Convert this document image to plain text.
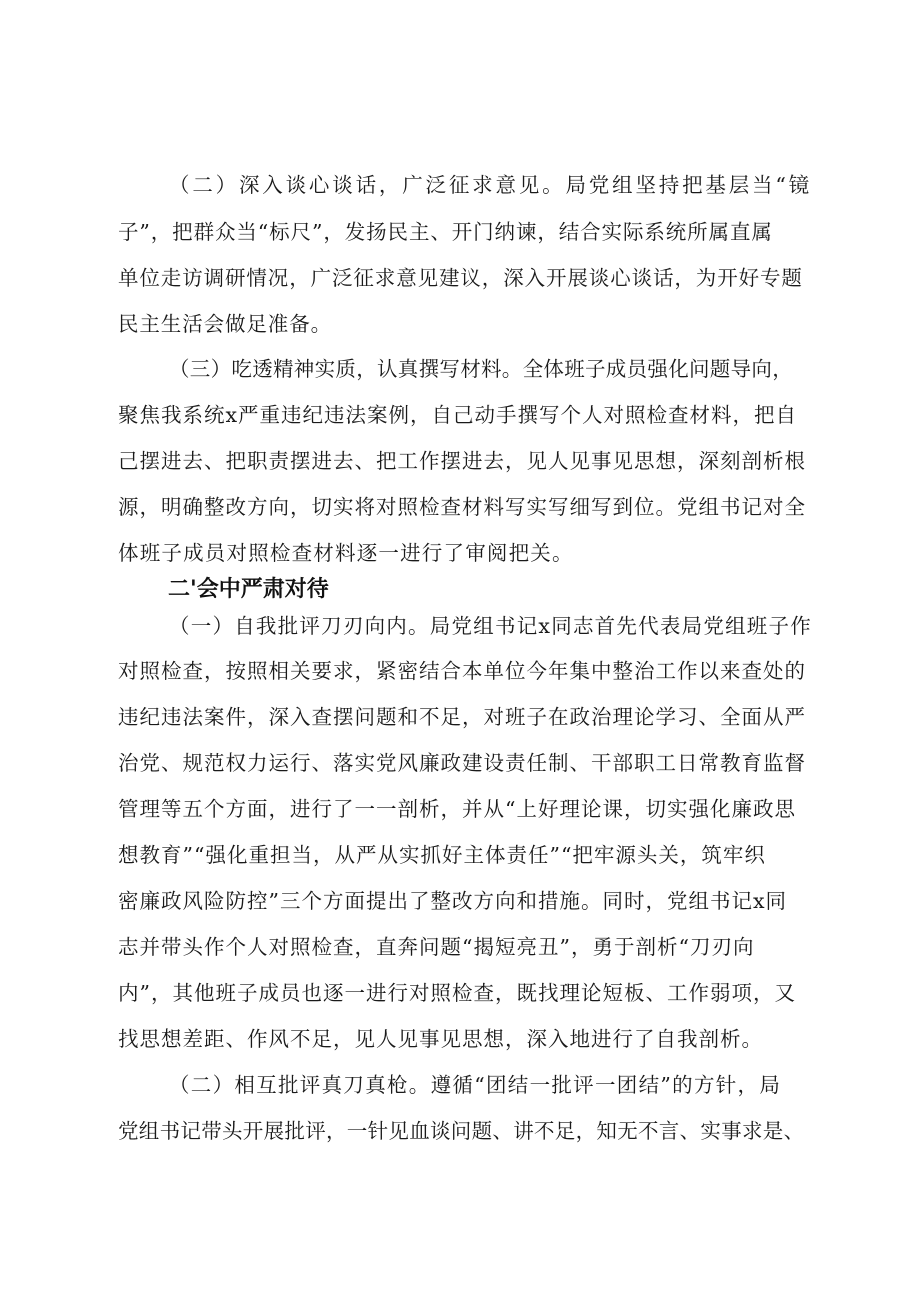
（二）深入谈心谈话，广泛征求意见。局党组坚持把基层当“镜
子”，把群众当“标尺”，发扬民主、开门纳谏，结合实际系统所属直属
单位走访调研情况，广泛征求意见建议，深入开展谈心谈话，为开好专题
民主生活会做足准备。
（三）吃透精神实质，认真撰写材料。全体班子成员强化问题导向，
聚焦我系统x严重违纪违法案例，自己动手撰写个人对照检查材料，把自
己摆进去、把职责摆进去、把工作摆进去，见人见事见思想，深刻剖析根
源，明确整改方向，切实将对照检查材料写实写细写到位。党组书记对全
体班子成员对照检查材料逐一进行了审阅把关。
二'会中严肃对待
（一）自我批评刀刃向内。局党组书记x同志首先代表局党组班子作
对照检查，按照相关要求，紧密结合本单位今年集中整治工作以来查处的
违纪违法案件，深入查摆问题和不足，对班子在政治理论学习、全面从严
治党、规范权力运行、落实党风廉政建设责任制、干部职工日常教育监督
管理等五个方面，进行了一一剖析，并从“上好理论课，切实强化廉政思
想教育”“强化重担当，从严从实抓好主体责任”“把牢源头关，筑牢织
密廉政风险防控”三个方面提出了整改方向和措施。同时，党组书记x同
志并带头作个人对照检查，直奔问题“揭短亮丑”，勇于剖析“刀刃向
内”，其他班子成员也逐一进行对照检查，既找理论短板、工作弱项，又
找思想差距、作风不足，见人见事见思想，深入地进行了自我剖析。
（二）相互批评真刀真枪。遵循“团结一批评一团结”的方针，局
党组书记带头开展批评，一针见血谈问题、讲不足，知无不言、实事求是、
